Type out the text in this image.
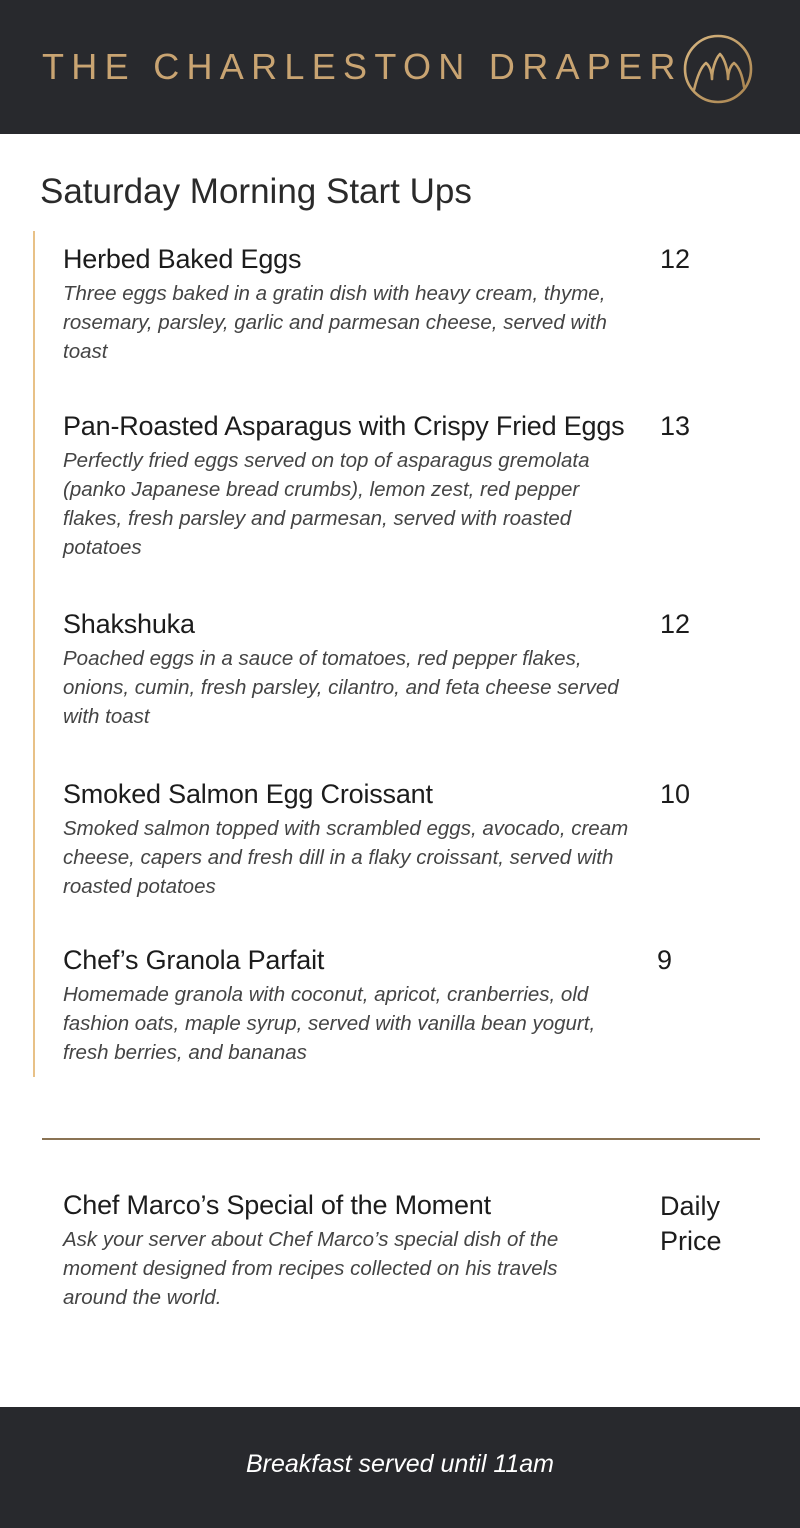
THE CHARLESTON DRAPER
Saturday Morning Start Ups
Herbed Baked Eggs
Three eggs baked in a gratin dish with heavy cream, thyme, rosemary, parsley, garlic and parmesan cheese, served with toast
12
Pan-Roasted Asparagus with Crispy Fried Eggs
Perfectly fried eggs served on top of asparagus gremolata (panko Japanese bread crumbs), lemon zest, red pepper flakes, fresh parsley and parmesan, served with roasted potatoes
13
Shakshuka
Poached eggs in a sauce of tomatoes, red pepper flakes, onions, cumin, fresh parsley, cilantro, and feta cheese served with toast
12
Smoked Salmon Egg Croissant
Smoked salmon topped with scrambled eggs, avocado, cream cheese, capers and fresh dill in a flaky croissant, served with roasted potatoes
10
Chef’s Granola Parfait
Homemade granola with coconut, apricot, cranberries, old fashion oats, maple syrup, served with vanilla bean yogurt, fresh berries, and bananas
9
Chef Marco’s Special of the Moment
Ask your server about Chef Marco’s special dish of the moment designed from recipes collected on his travels around the world.
Daily Price
Breakfast served until 11am
